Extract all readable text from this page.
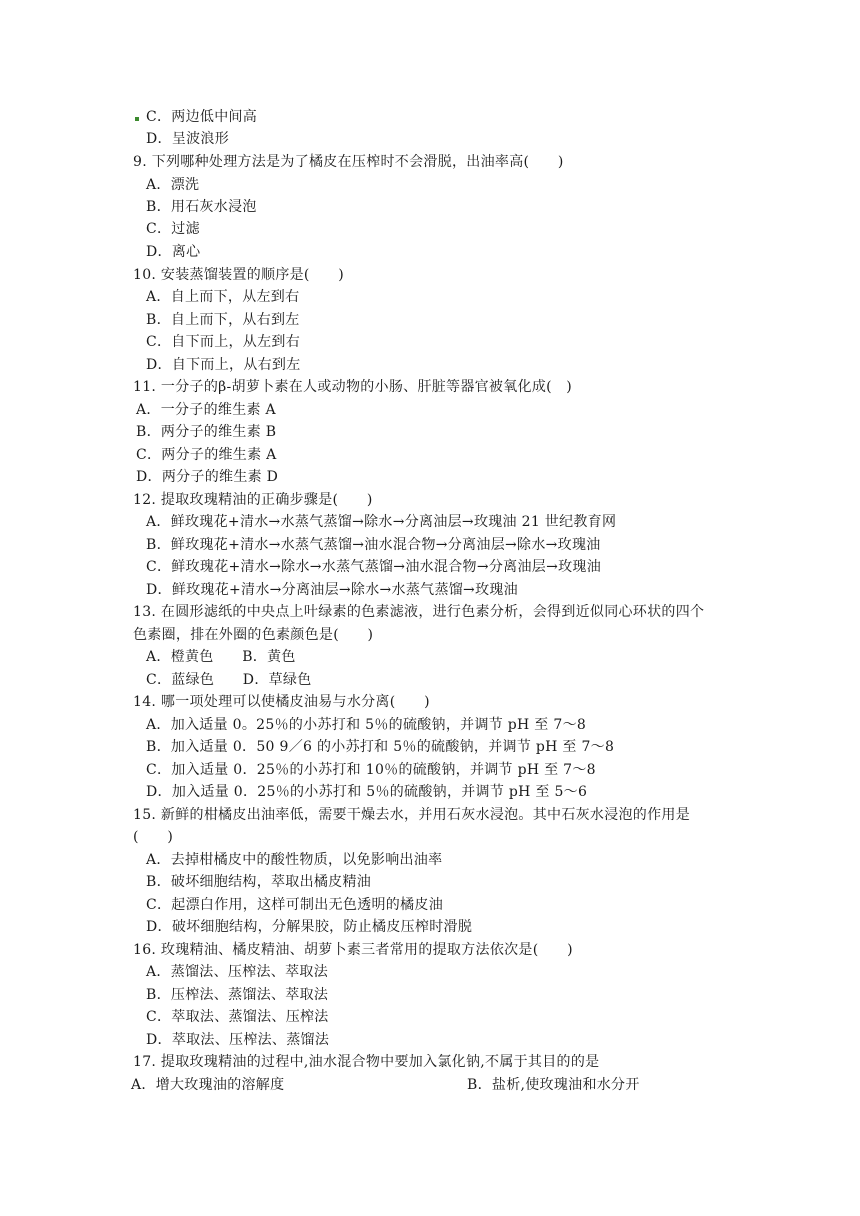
C．两边低中间高
D．呈波浪形
9. 下列哪种处理方法是为了橘皮在压榨时不会滑脱，出油率高(　　)
A．漂洗
B．用石灰水浸泡
C．过滤
D．离心
10. 安装蒸馏装置的顺序是(　　)
A．自上而下，从左到右
B．自上而下，从右到左
C．自下而上，从左到右
D．自下而上，从右到左
11. 一分子的β-胡萝卜素在人或动物的小肠、肝脏等器官被氧化成(　)
A．一分子的维生素 A
B．两分子的维生素 B
C．两分子的维生素 A
D．两分子的维生素 D
12. 提取玫瑰精油的正确步骤是(　　)
A．鲜玫瑰花+清水→水蒸气蒸馏→除水→分离油层→玫瑰油 21 世纪教育网
B．鲜玫瑰花+清水→水蒸气蒸馏→油水混合物→分离油层→除水→玫瑰油
C．鲜玫瑰花+清水→除水→水蒸气蒸馏→油水混合物→分离油层→玫瑰油
D．鲜玫瑰花+清水→分离油层→除水→水蒸气蒸馏→玫瑰油
13. 在圆形滤纸的中央点上叶绿素的色素滤液，进行色素分析，会得到近似同心环状的四个
色素圈，排在外圈的色素颜色是(　　)
A．橙黄色　　B．黄色
C．蓝绿色　　D．草绿色
14. 哪一项处理可以使橘皮油易与水分离(　　)
A．加入适量 0。25％的小苏打和 5％的硫酸钠，并调节 pH 至 7～8
B．加入适量 0．50 9／6 的小苏打和 5％的硫酸钠，并调节 pH 至 7～8
C．加入适量 0．25％的小苏打和 10％的硫酸钠，并调节 pH 至 7～8
D．加入适量 0．25％的小苏打和 5％的硫酸钠，并调节 pH 至 5～6
15. 新鲜的柑橘皮出油率低，需要干燥去水，并用石灰水浸泡。其中石灰水浸泡的作用是
(　　)
A．去掉柑橘皮中的酸性物质，以免影响出油率
B．破坏细胞结构，萃取出橘皮精油
C．起漂白作用，这样可制出无色透明的橘皮油
D．破坏细胞结构，分解果胶，防止橘皮压榨时滑脱
16. 玫瑰精油、橘皮精油、胡萝卜素三者常用的提取方法依次是(　　)
A．蒸馏法、压榨法、萃取法
B．压榨法、蒸馏法、萃取法
C．萃取法、蒸馏法、压榨法
D．萃取法、压榨法、蒸馏法
17. 提取玫瑰精油的过程中,油水混合物中要加入氯化钠,不属于其目的的是
A．增大玫瑰油的溶解度	B．盐析,使玫瑰油和水分开
